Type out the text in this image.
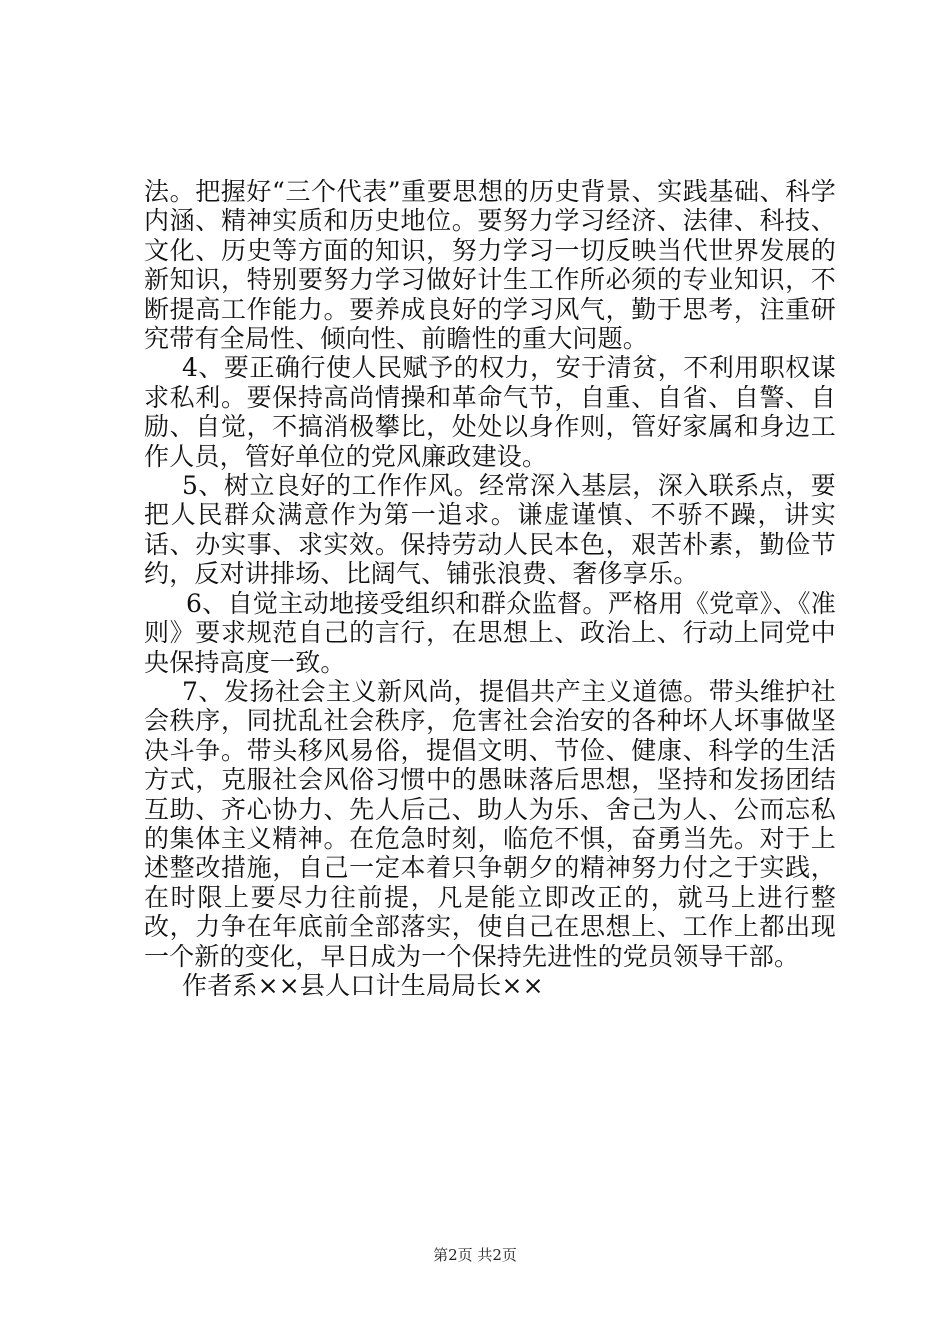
法。把握好“三个代表”重要思想的历史背景、实践基础、科学内涵、精神实质和历史地位。要努力学习经济、法律、科技、文化、历史等方面的知识，努力学习一切反映当代世界发展的新知识，特别要努力学习做好计生工作所必须的专业知识，不断提高工作能力。要养成良好的学习风气，勤于思考，注重研究带有全局性、倾向性、前瞻性的重大问题。

4、要正确行使人民赋予的权力，安于清贫，不利用职权谋求私利。要保持高尚情操和革命气节，自重、自省、自警、自励、自觉，不搞消极攀比，处处以身作则，管好家属和身边工作人员，管好单位的党风廉政建设。

5、树立良好的工作作风。经常深入基层，深入联系点，要把人民群众满意作为第一追求。谦虚谨慎、不骄不躁，讲实话、办实事、求实效。保持劳动人民本色，艰苦朴素，勤俭节约，反对讲排场、比阔气、铺张浪费、奢侈享乐。

6、自觉主动地接受组织和群众监督。严格用《党章》、《准则》要求规范自己的言行，在思想上、政治上、行动上同党中央保持高度一致。

7、发扬社会主义新风尚，提倡共产主义道德。带头维护社会秩序，同扰乱社会秩序，危害社会治安的各种坏人坏事做坚决斗争。带头移风易俗，提倡文明、节俭、健康、科学的生活方式，克服社会风俗习惯中的愚昧落后思想，坚持和发扬团结互助、齐心协力、先人后己、助人为乐、舍己为人、公而忘私的集体主义精神。在危急时刻，临危不惧，奋勇当先。对于上述整改措施，自己一定本着只争朝夕的精神努力付之于实践，在时限上要尽力往前提，凡是能立即改正的，就马上进行整改，力争在年底前全部落实，使自己在思想上、工作上都出现一个新的变化，早日成为一个保持先进性的党员领导干部。

作者系××县人口计生局局长××

第2页 共2页
